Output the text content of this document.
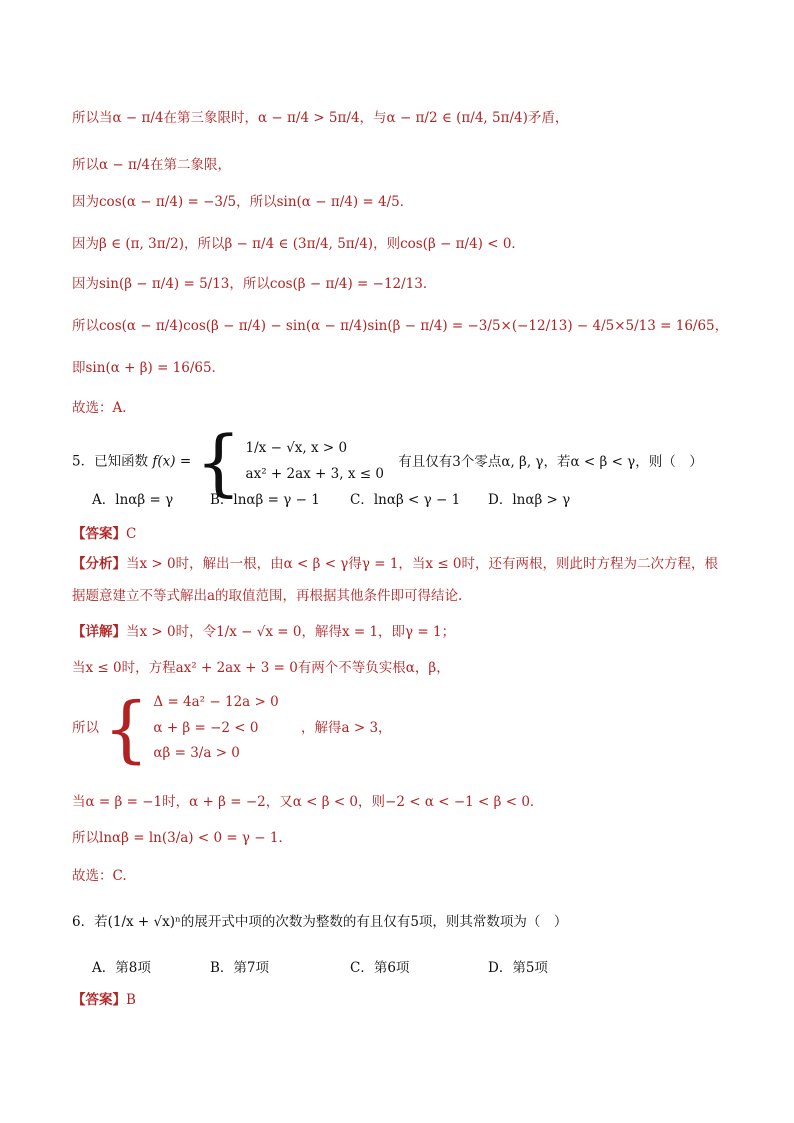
所以当α − π/4在第三象限时，α − π/4 > 5π/4，与α − π/2 ∈ (π/4, 5π/4)矛盾，
所以α − π/4在第二象限，
因为cos(α − π/4) = −3/5，所以sin(α − π/4) = 4/5．
因为β ∈ (π, 3π/2)，所以β − π/4 ∈ (3π/4, 5π/4)，则cos(β − π/4) < 0．
因为sin(β − π/4) = 5/13，所以cos(β − π/4) = −12/13．
所以cos(α − π/4)cos(β − π/4) − sin(α − π/4)sin(β − π/4) = −3/5×(−12/13) − 4/5×5/13 = 16/65，
即sin(α + β) = 16/65．
故选：A．
5．已知函数 f(x) = { 1/x − √x, x > 0
ax² + 2ax + 3, x ≤ 0
有且仅有3个零点α, β, γ，若α < β < γ，则（　）
A．lnαβ = γ	B．lnαβ = γ − 1 C．lnαβ < γ − 1 D．lnαβ > γ
【答案】C
【分析】当x > 0时，解出一根，由α < β < γ得γ = 1，当x ≤ 0时，还有两根，则此时方程为二次方程，根
据题意建立不等式解出a的取值范围，再根据其他条件即可得结论.
【详解】当x > 0时，令1/x − √x = 0，解得x = 1，即γ = 1；
当x ≤ 0时，方程ax² + 2ax + 3 = 0有两个不等负实根α，β，
所以 { Δ = 4a² − 12a > 0
α + β = −2 < 0
αβ = 3/a > 0
，解得a > 3，
当α = β = −1时，α + β = −2，又α < β < 0，则−2 < α < −1 < β < 0．
所以lnαβ = ln(3/a) < 0 = γ − 1．
故选：C.
6．若(1/x + √x)ⁿ的展开式中项的次数为整数的有且仅有5项，则其常数项为（　）
A．第8项	B．第7项	C．第6项	D．第5项
【答案】B
